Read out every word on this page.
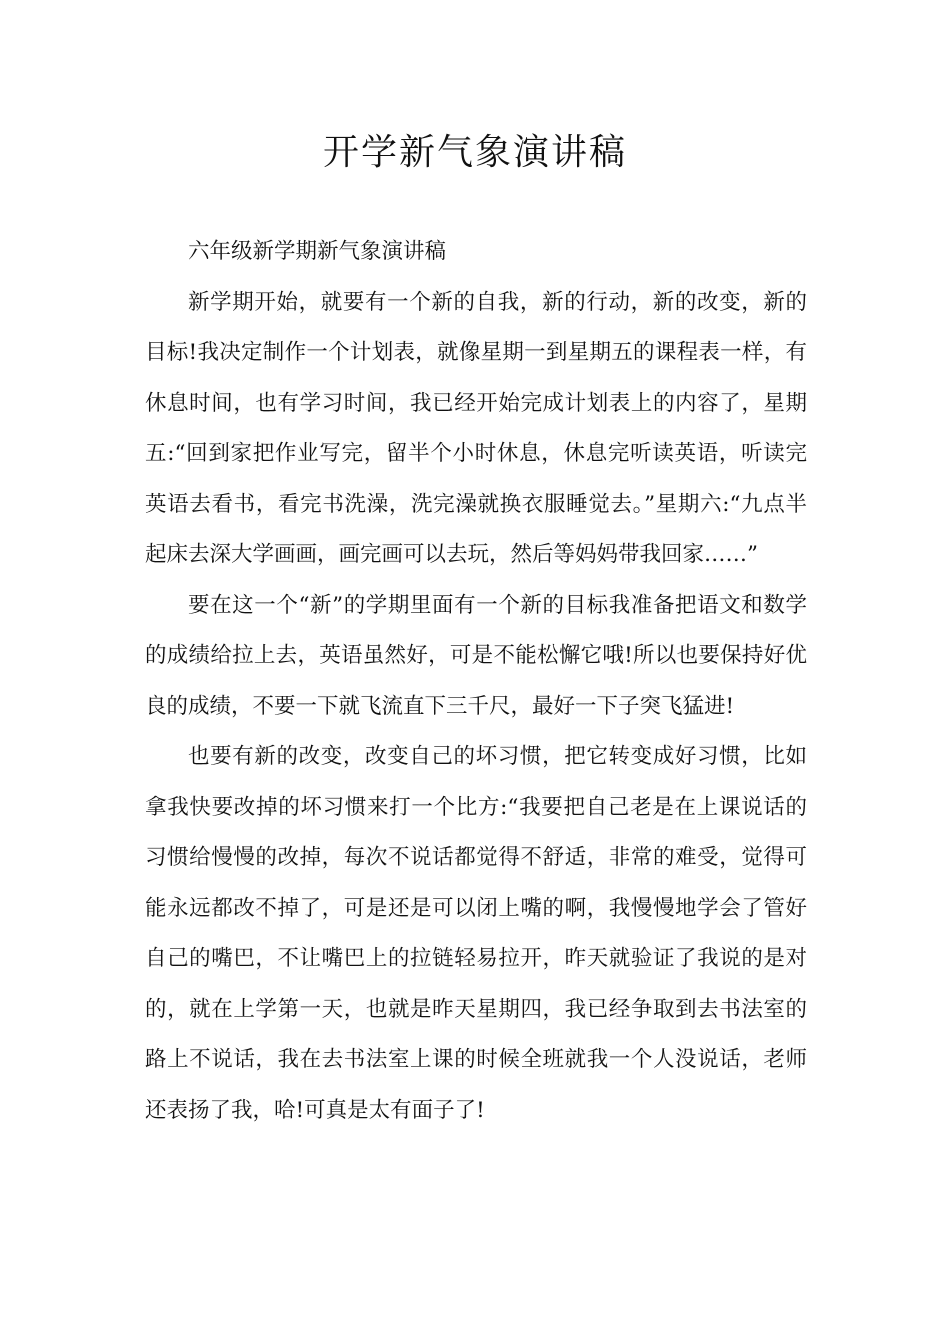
开学新气象演讲稿

六年级新学期新气象演讲稿

新学期开始，就要有一个新的自我，新的行动，新的改变，新的目标!我决定制作一个计划表，就像星期一到星期五的课程表一样，有休息时间，也有学习时间，我已经开始完成计划表上的内容了，星期五:“回到家把作业写完，留半个小时休息，休息完听读英语，听读完英语去看书，看完书洗澡，洗完澡就换衣服睡觉去。”星期六:“九点半起床去深大学画画，画完画可以去玩，然后等妈妈带我回家……”

要在这一个“新”的学期里面有一个新的目标我准备把语文和数学的成绩给拉上去，英语虽然好，可是不能松懈它哦!所以也要保持好优良的成绩，不要一下就飞流直下三千尺，最好一下子突飞猛进!

也要有新的改变，改变自己的坏习惯，把它转变成好习惯，比如拿我快要改掉的坏习惯来打一个比方:“我要把自己老是在上课说话的习惯给慢慢的改掉，每次不说话都觉得不舒适，非常的难受，觉得可能永远都改不掉了，可是还是可以闭上嘴的啊，我慢慢地学会了管好自己的嘴巴，不让嘴巴上的拉链轻易拉开，昨天就验证了我说的是对的，就在上学第一天，也就是昨天星期四，我已经争取到去书法室的路上不说话，我在去书法室上课的时候全班就我一个人没说话，老师还表扬了我，哈!可真是太有面子了!
